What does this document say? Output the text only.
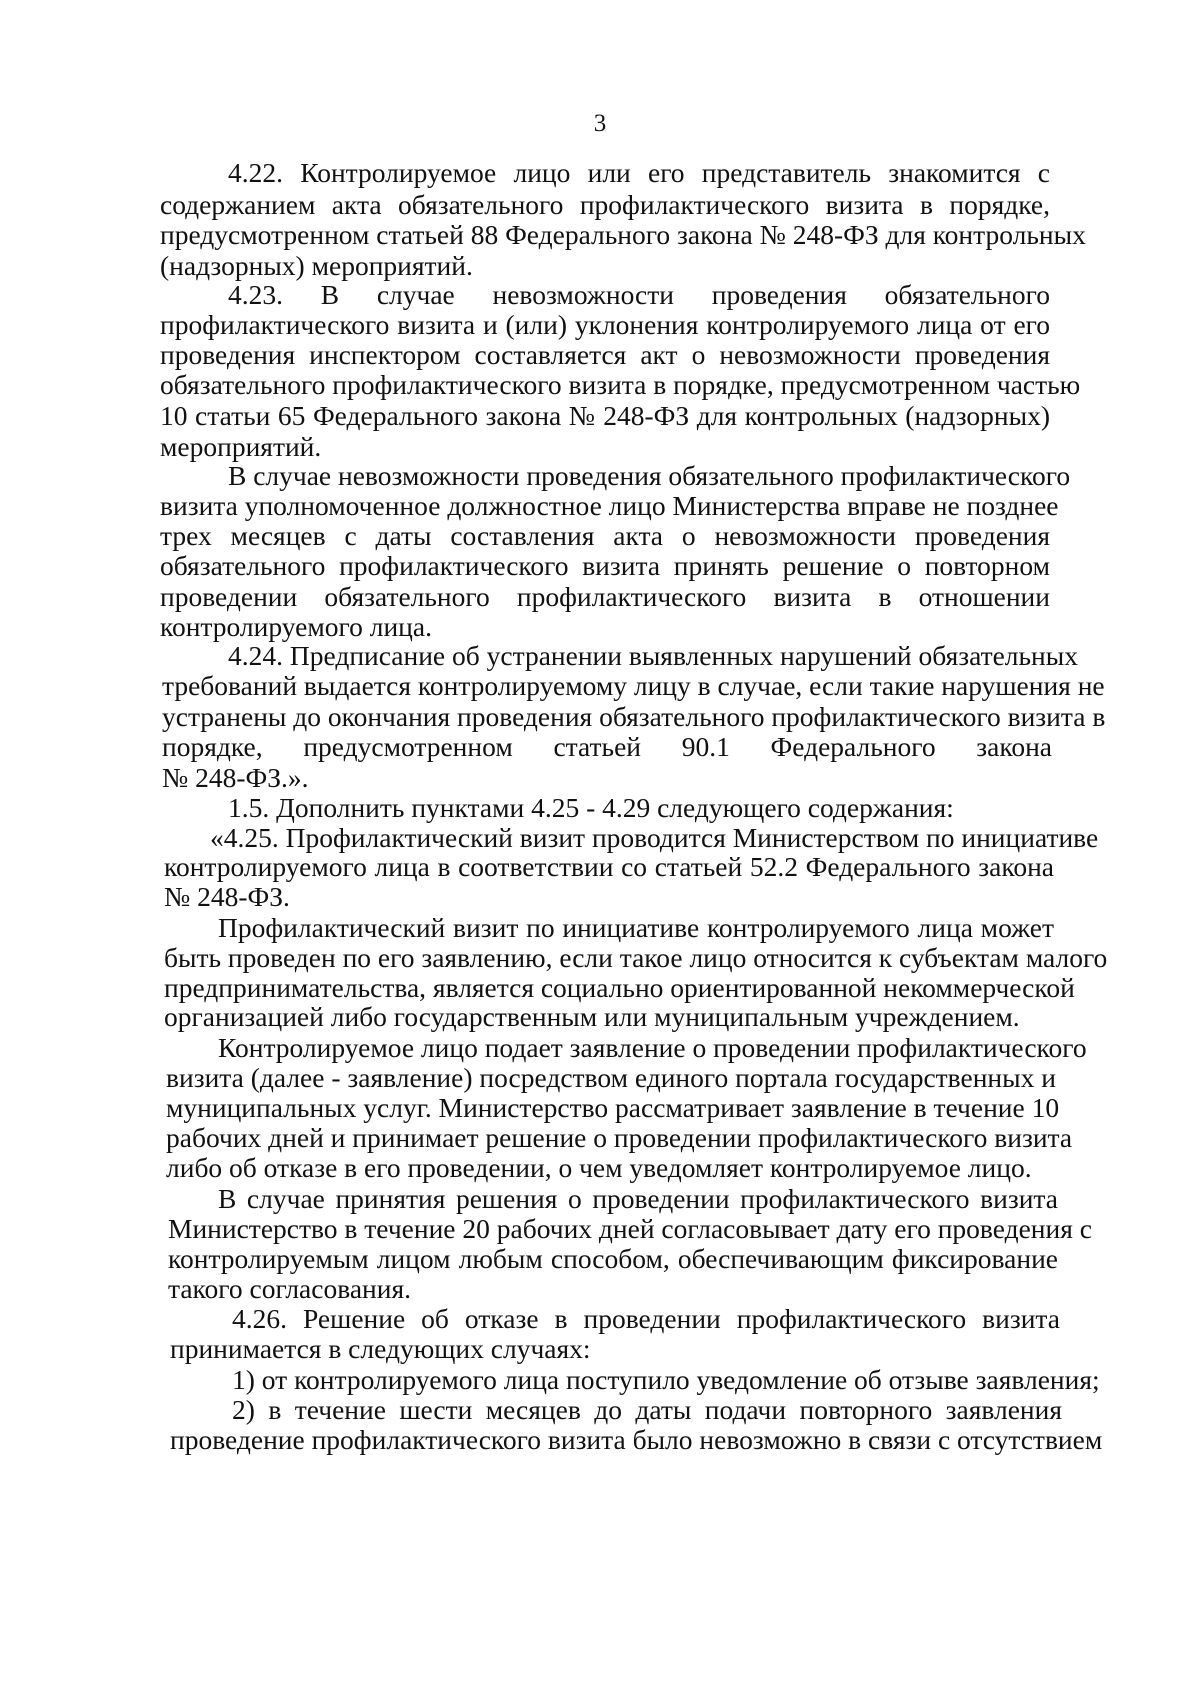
3
4.22. Контролируемое лицо или его представитель знакомится с
содержанием акта обязательного профилактического визита в порядке,
предусмотренном статьей 88 Федерального закона № 248-ФЗ для контрольных
(надзорных) мероприятий.
4.23. В случае невозможности проведения обязательного
профилактического визита и (или) уклонения контролируемого лица от его
проведения инспектором составляется акт о невозможности проведения
обязательного профилактического визита в порядке, предусмотренном частью
10 статьи 65 Федерального закона № 248-ФЗ для контрольных (надзорных)
мероприятий.
В случае невозможности проведения обязательного профилактического
визита уполномоченное должностное лицо Министерства вправе не позднее
трех месяцев с даты составления акта о невозможности проведения
обязательного профилактического визита принять решение о повторном
проведении обязательного профилактического визита в отношении
контролируемого лица.
4.24. Предписание об устранении выявленных нарушений обязательных
требований выдается контролируемому лицу в случае, если такие нарушения не
устранены до окончания проведения обязательного профилактического визита в
порядке, предусмотренном статьей 90.1 Федерального закона
№ 248-ФЗ.».
1.5. Дополнить пунктами 4.25 - 4.29 следующего содержания:
«4.25. Профилактический визит проводится Министерством по инициативе
контролируемого лица в соответствии со статьей 52.2 Федерального закона
№ 248-ФЗ.
Профилактический визит по инициативе контролируемого лица может
быть проведен по его заявлению, если такое лицо относится к субъектам малого
предпринимательства, является социально ориентированной некоммерческой
организацией либо государственным или муниципальным учреждением.
Контролируемое лицо подает заявление о проведении профилактического
визита (далее - заявление) посредством единого портала государственных и
муниципальных услуг. Министерство рассматривает заявление в течение 10
рабочих дней и принимает решение о проведении профилактического визита
либо об отказе в его проведении, о чем уведомляет контролируемое лицо.
В случае принятия решения о проведении профилактического визита
Министерство в течение 20 рабочих дней согласовывает дату его проведения с
контролируемым лицом любым способом, обеспечивающим фиксирование
такого согласования.
4.26. Решение об отказе в проведении профилактического визита
принимается в следующих случаях:
1) от контролируемого лица поступило уведомление об отзыве заявления;
2) в течение шести месяцев до даты подачи повторного заявления
проведение профилактического визита было невозможно в связи с отсутствием
